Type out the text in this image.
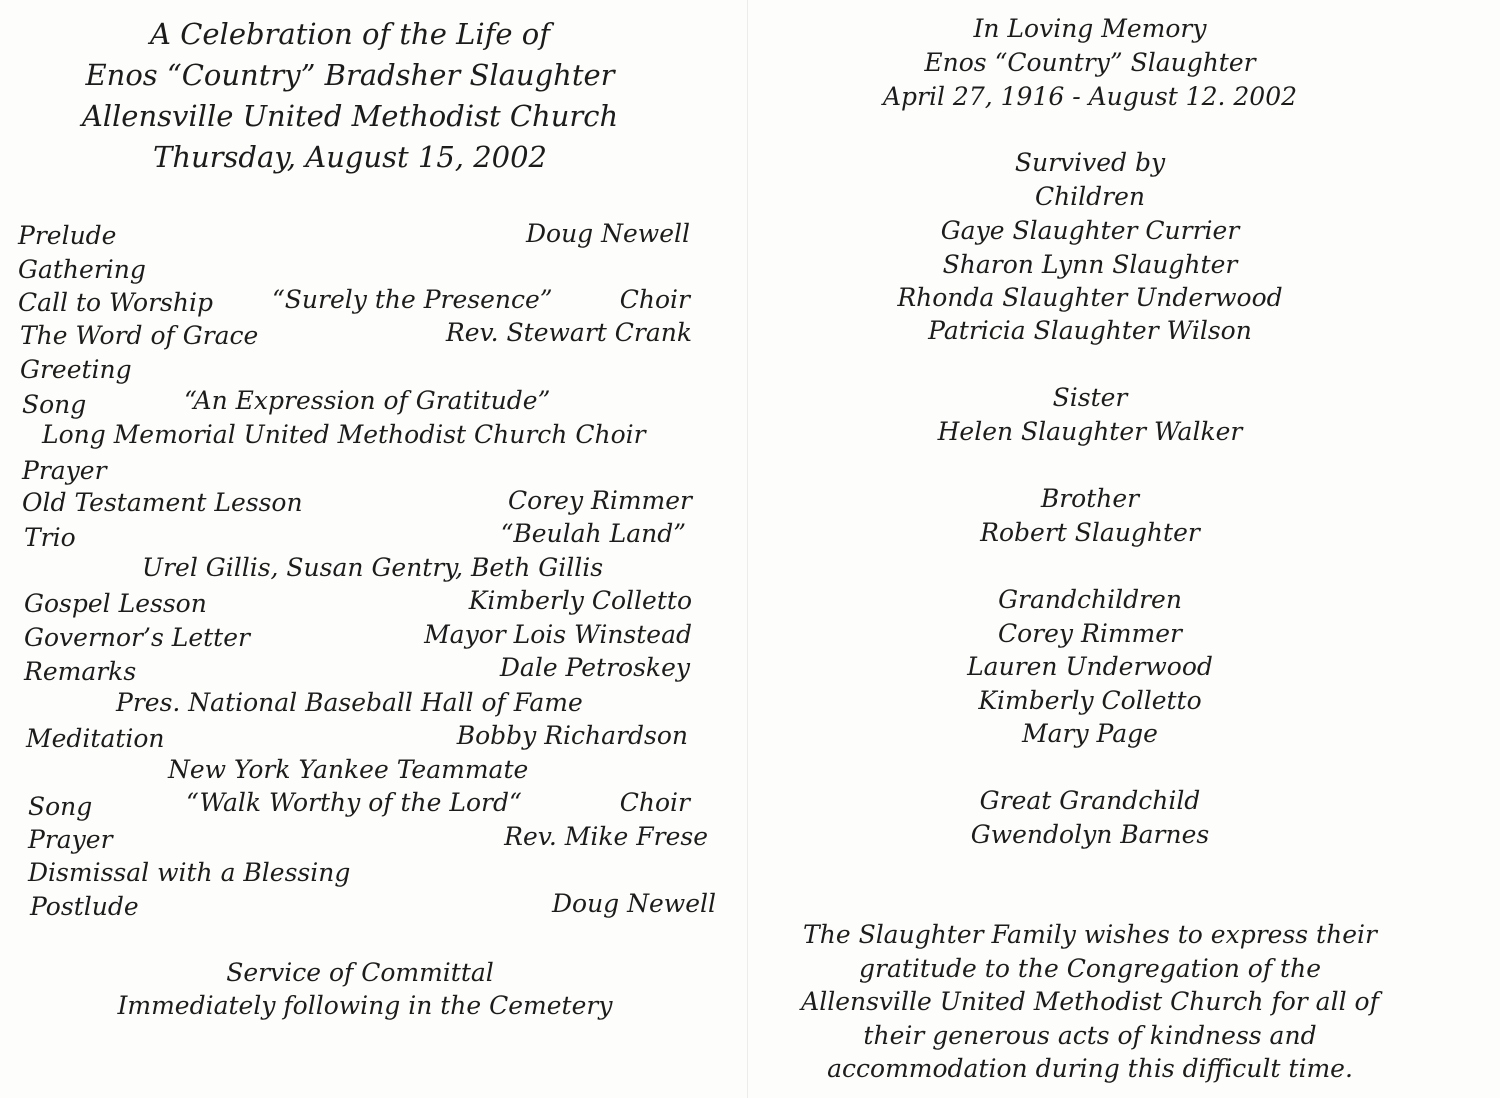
A Celebration of the Life of
Enos “Country” Bradsher Slaughter
Allensville United Methodist Church
Thursday, August 15, 2002
Prelude	Doug Newell
Gathering
Call to Worship “Surely the Presence”	Choir
The Word of Grace	Rev. Stewart Crank
Greeting
Song	“An Expression of Gratitude”
Long Memorial United Methodist Church Choir
Prayer
Old Testament Lesson	Corey Rimmer
Trio	“Beulah Land”
Urel Gillis, Susan Gentry, Beth Gillis
Gospel Lesson	Kimberly Colletto
Governor’s Letter	Mayor Lois Winstead
Remarks	Dale Petroskey
Pres. National Baseball Hall of Fame
Meditation	Bobby Richardson
New York Yankee Teammate
Song	“Walk Worthy of the Lord“	Choir
Prayer	Rev. Mike Frese
Dismissal with a Blessing
Postlude	Doug Newell
Service of Committal
Immediately following in the Cemetery
In Loving Memory
Enos “Country” Slaughter
April 27, 1916 - August 12. 2002
Survived by
Children
Gaye Slaughter Currier
Sharon Lynn Slaughter
Rhonda Slaughter Underwood
Patricia Slaughter Wilson
Sister
Helen Slaughter Walker
Brother
Robert Slaughter
Grandchildren
Corey Rimmer
Lauren Underwood
Kimberly Colletto
Mary Page
Great Grandchild
Gwendolyn Barnes
The Slaughter Family wishes to express their
gratitude to the Congregation of the
Allensville United Methodist Church for all of
their generous acts of kindness and
accommodation during this difficult time.
